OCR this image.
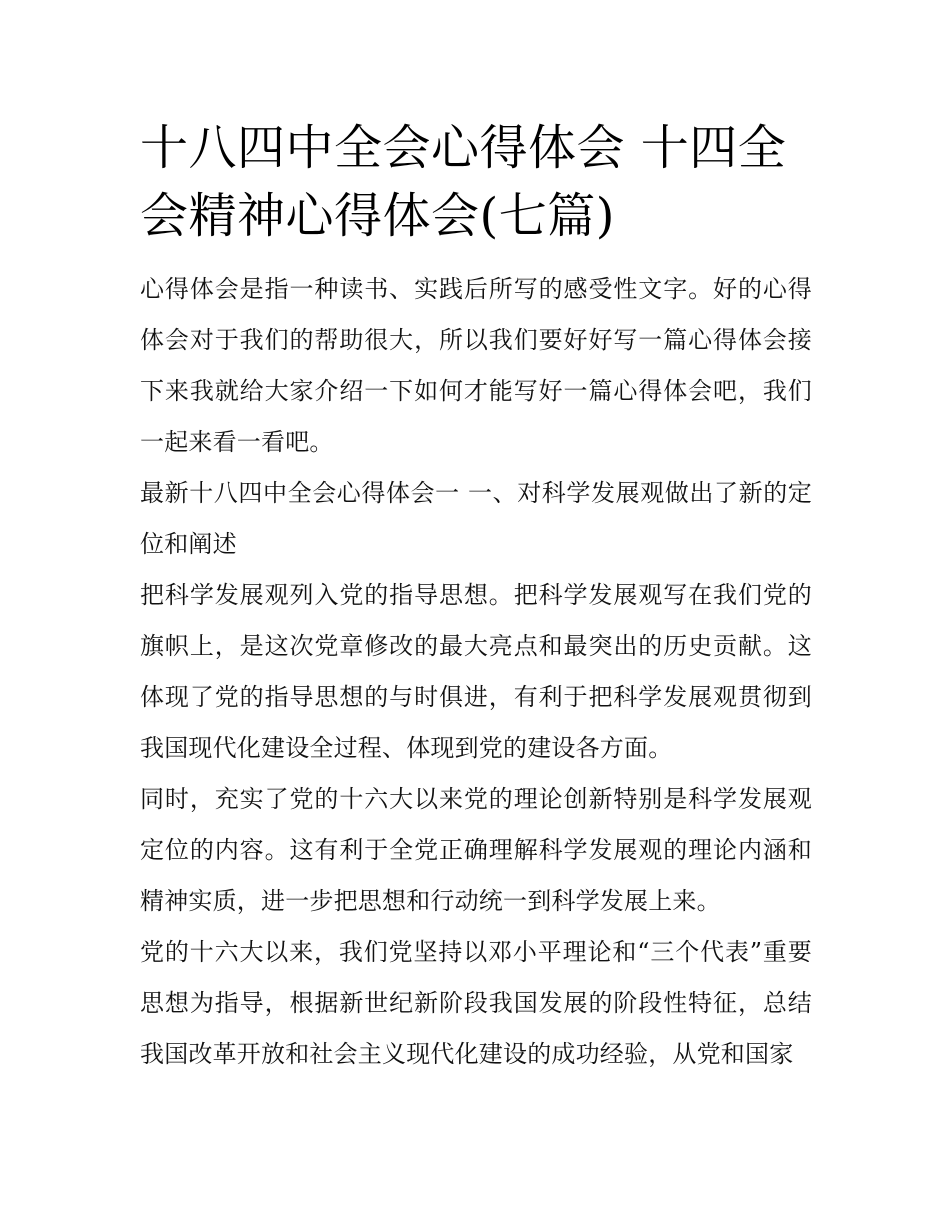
十八四中全会心得体会 十四全会精神心得体会(七篇)

心得体会是指一种读书、实践后所写的感受性文字。好的心得体会对于我们的帮助很大，所以我们要好好写一篇心得体会接下来我就给大家介绍一下如何才能写好一篇心得体会吧，我们一起来看一看吧。

最新十八四中全会心得体会一 一、对科学发展观做出了新的定位和阐述

把科学发展观列入党的指导思想。把科学发展观写在我们党的旗帜上，是这次党章修改的最大亮点和最突出的历史贡献。这体现了党的指导思想的与时俱进，有利于把科学发展观贯彻到我国现代化建设全过程、体现到党的建设各方面。

同时，充实了党的十六大以来党的理论创新特别是科学发展观定位的内容。这有利于全党正确理解科学发展观的理论内涵和精神实质，进一步把思想和行动统一到科学发展上来。

党的十六大以来，我们党坚持以邓小平理论和“三个代表”重要思想为指导，根据新世纪新阶段我国发展的阶段性特征，总结我国改革开放和社会主义现代化建设的成功经验，从党和国家
